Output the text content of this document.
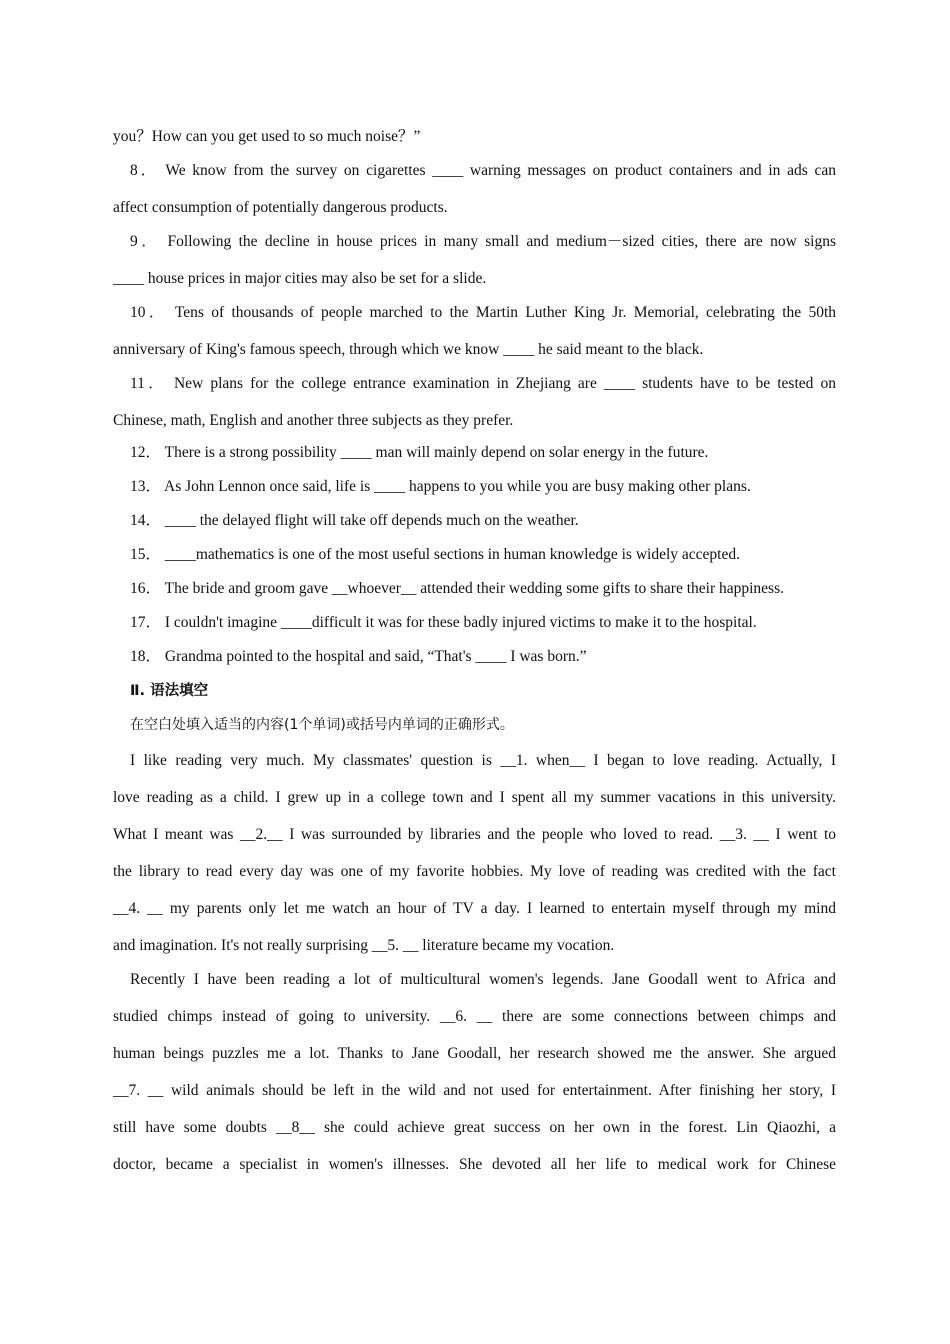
you？How can you get used to so much noise？”
8． We know from the survey on cigarettes ____ warning messages on product containers and in ads can
affect consumption of potentially dangerous products.
9． Following the decline in house prices in many small and medium－sized cities, there are now signs
____ house prices in major cities may also be set for a slide.
10． Tens of thousands of people marched to the Martin Luther King Jr. Memorial, celebrating the 50th
anniversary of King's famous speech, through which we know ____ he said meant to the black.
11． New plans for the college entrance examination in Zhejiang are ____ students have to be tested on
Chinese, math, English and another three subjects as they prefer.
12． There is a strong possibility ____ man will mainly depend on solar energy in the future.
13． As John Lennon once said, life is ____ happens to you while you are busy making other plans.
14． ____ the delayed flight will take off depends much on the weather.
15． ____mathematics is one of the most useful sections in human knowledge is widely accepted.
16． The bride and groom gave __whoever__ attended their wedding some gifts to share their happiness.
17． I couldn't imagine ____difficult it was for these badly injured victims to make it to the hospital.
18． Grandma pointed to the hospital and said, “That's ____ I was born.”
Ⅱ. 语法填空
在空白处填入适当的内容(1个单词)或括号内单词的正确形式。
I like reading very much. My classmates' question is __1. when__ I began to love reading. Actually, I
love reading as a child. I grew up in a college town and I spent all my summer vacations in this university.
What I meant was __2.__ I was surrounded by libraries and the people who loved to read. __3. __ I went to
the library to read every day was one of my favorite hobbies. My love of reading was credited with the fact
__4. __ my parents only let me watch an hour of TV a day. I learned to entertain myself through my mind
and imagination. It's not really surprising __5. __ literature became my vocation.
Recently I have been reading a lot of multicultural women's legends. Jane Goodall went to Africa and
studied chimps instead of going to university. __6. __ there are some connections between chimps and
human beings puzzles me a lot. Thanks to Jane Goodall, her research showed me the answer. She argued
__7. __ wild animals should be left in the wild and not used for entertainment. After finishing her story, I
still have some doubts __8__ she could achieve great success on her own in the forest. Lin Qiaozhi, a
doctor, became a specialist in women's illnesses. She devoted all her life to medical work for Chinese
